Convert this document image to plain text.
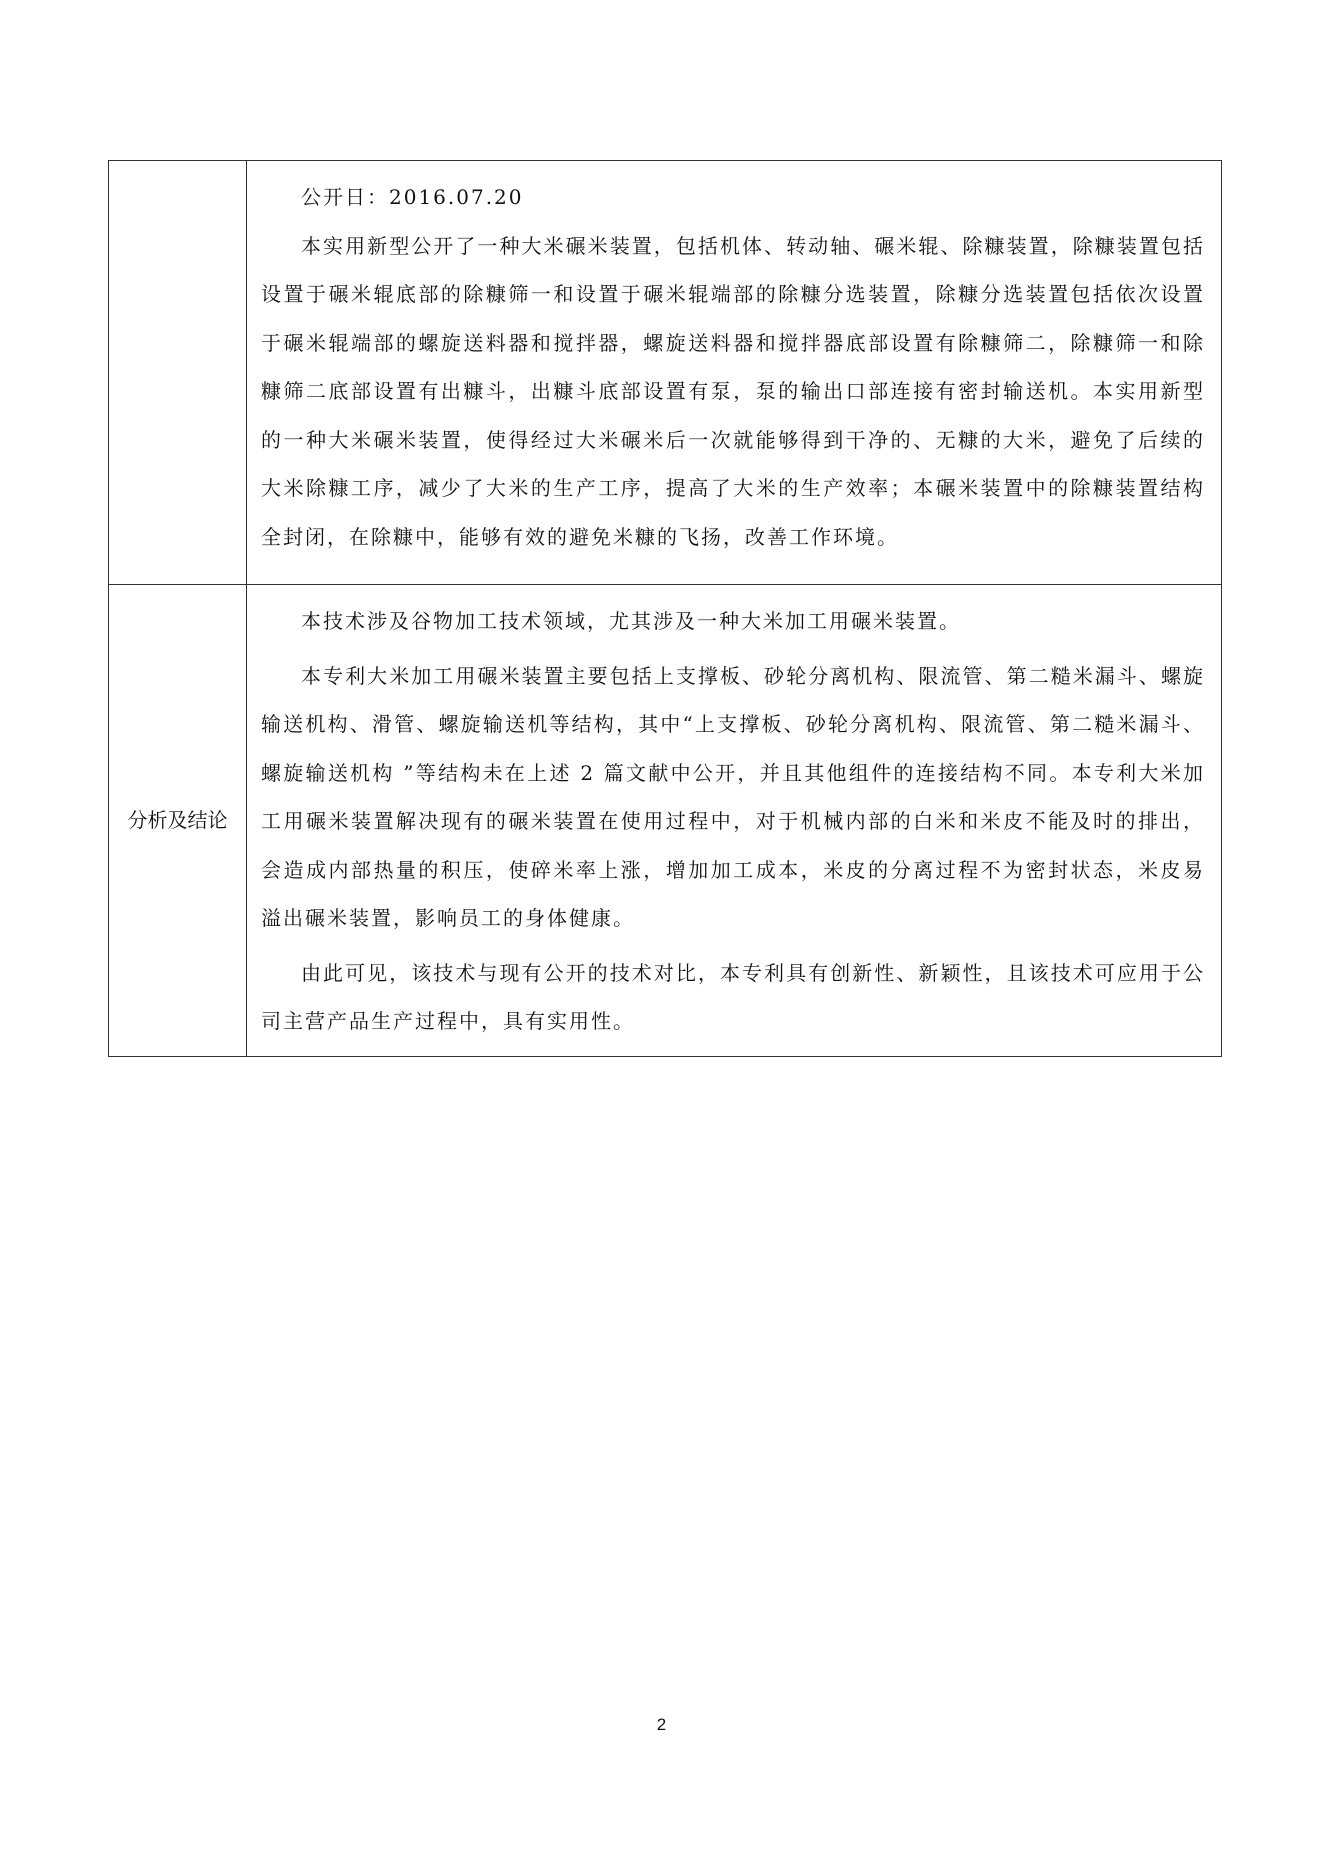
	公开日：2016.07.20

本实用新型公开了一种大米碾米装置，包括机体、转动轴、碾米辊、除糠装置，除糠装置包括设置于碾米辊底部的除糠筛一和设置于碾米辊端部的除糠分选装置，除糠分选装置包括依次设置于碾米辊端部的螺旋送料器和搅拌器，螺旋送料器和搅拌器底部设置有除糠筛二，除糠筛一和除糠筛二底部设置有出糠斗，出糠斗底部设置有泵，泵的输出口部连接有密封输送机。本实用新型的一种大米碾米装置，使得经过大米碾米后一次就能够得到干净的、无糠的大米，避免了后续的大米除糠工序，减少了大米的生产工序，提高了大米的生产效率；本碾米装置中的除糠装置结构全封闭，在除糠中，能够有效的避免米糠的飞扬，改善工作环境。

分析及结论	本技术涉及谷物加工技术领域，尤其涉及一种大米加工用碾米装置。

本专利大米加工用碾米装置主要包括上支撑板、砂轮分离机构、限流管、第二糙米漏斗、螺旋输送机构、滑管、螺旋输送机等结构，其中“上支撑板、砂轮分离机构、限流管、第二糙米漏斗、螺旋输送机构 ”等结构未在上述 2 篇文献中公开，并且其他组件的连接结构不同。本专利大米加工用碾米装置解决现有的碾米装置在使用过程中，对于机械内部的白米和米皮不能及时的排出，会造成内部热量的积压，使碎米率上涨，增加加工成本，米皮的分离过程不为密封状态，米皮易溢出碾米装置，影响员工的身体健康。

由此可见，该技术与现有公开的技术对比，本专利具有创新性、新颖性，且该技术可应用于公司主营产品生产过程中，具有实用性。

2
